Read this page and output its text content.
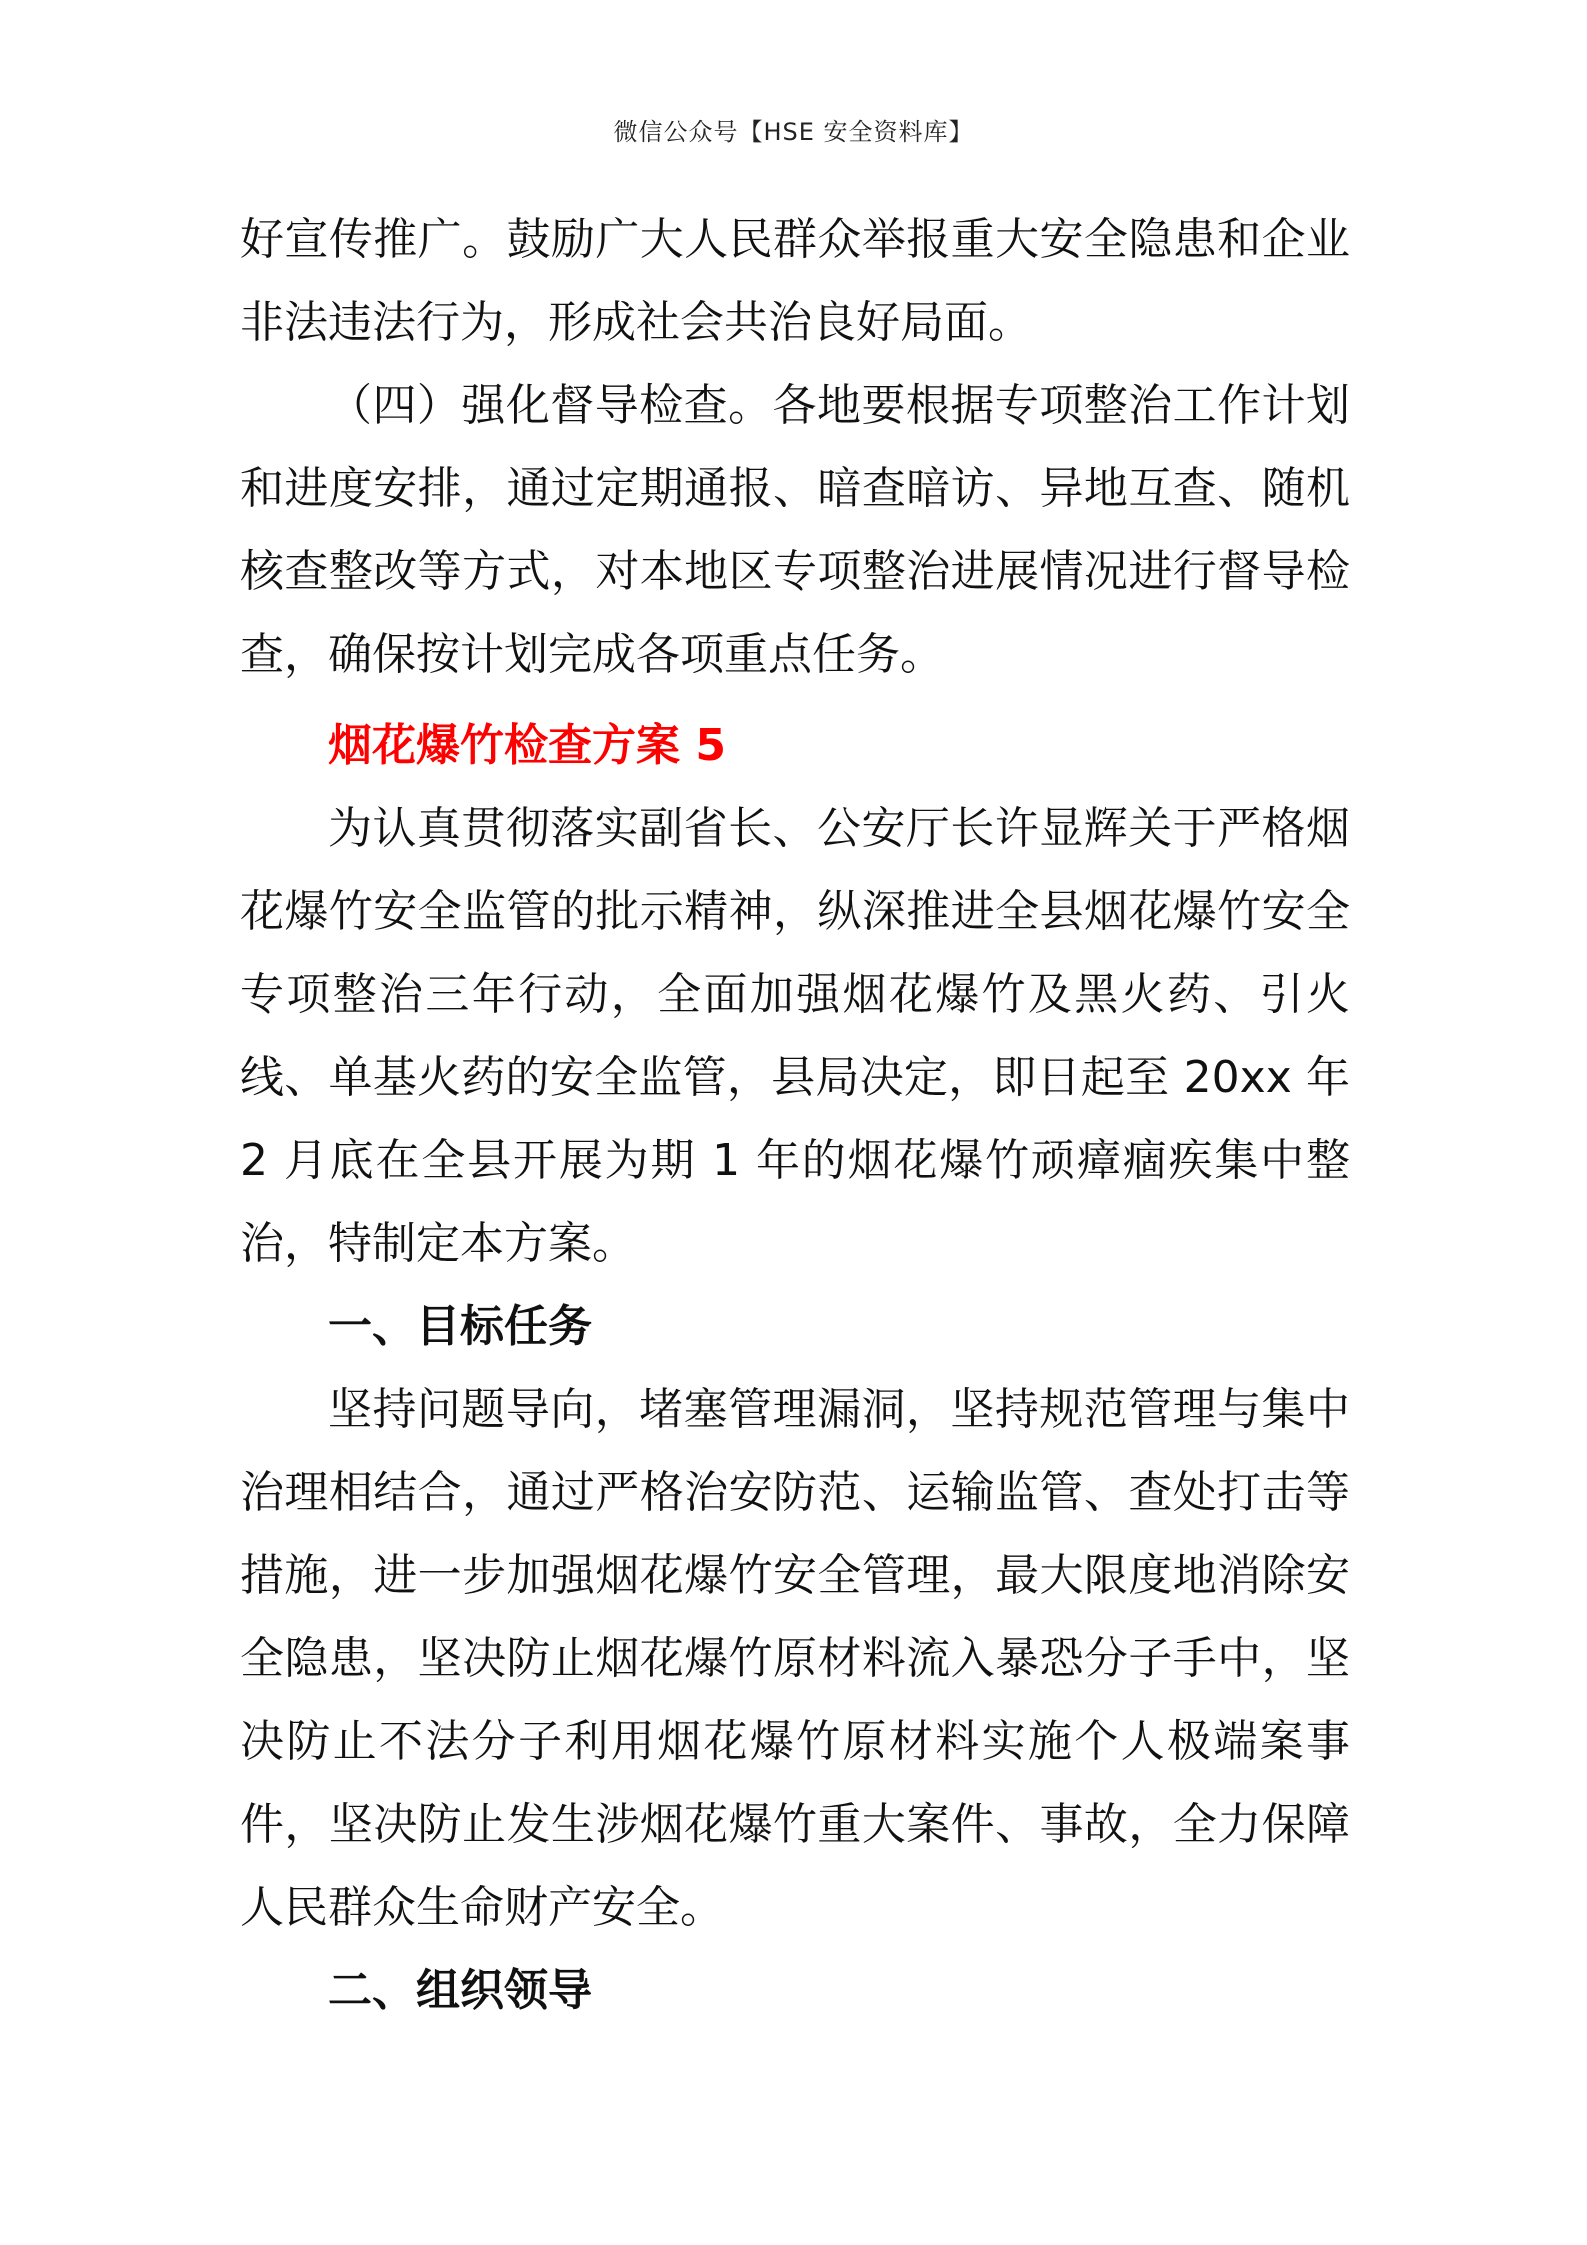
微信公众号【HSE 安全资料库】

好宣传推广。鼓励广大人民群众举报重大安全隐患和企业非法违法行为，形成社会共治良好局面。

（四）强化督导检查。各地要根据专项整治工作计划和进度安排，通过定期通报、暗查暗访、异地互查、随机核查整改等方式，对本地区专项整治进展情况进行督导检查，确保按计划完成各项重点任务。

烟花爆竹检查方案 5

为认真贯彻落实副省长、公安厅长许显辉关于严格烟花爆竹安全监管的批示精神，纵深推进全县烟花爆竹安全专项整治三年行动，全面加强烟花爆竹及黑火药、引火线、单基火药的安全监管，县局决定，即日起至 20xx 年 2 月底在全县开展为期 1 年的烟花爆竹顽瘴痼疾集中整治，特制定本方案。

一、目标任务

坚持问题导向，堵塞管理漏洞，坚持规范管理与集中治理相结合，通过严格治安防范、运输监管、查处打击等措施，进一步加强烟花爆竹安全管理，最大限度地消除安全隐患，坚决防止烟花爆竹原材料流入暴恐分子手中，坚决防止不法分子利用烟花爆竹原材料实施个人极端案事件，坚决防止发生涉烟花爆竹重大案件、事故，全力保障人民群众生命财产安全。

二、组织领导
